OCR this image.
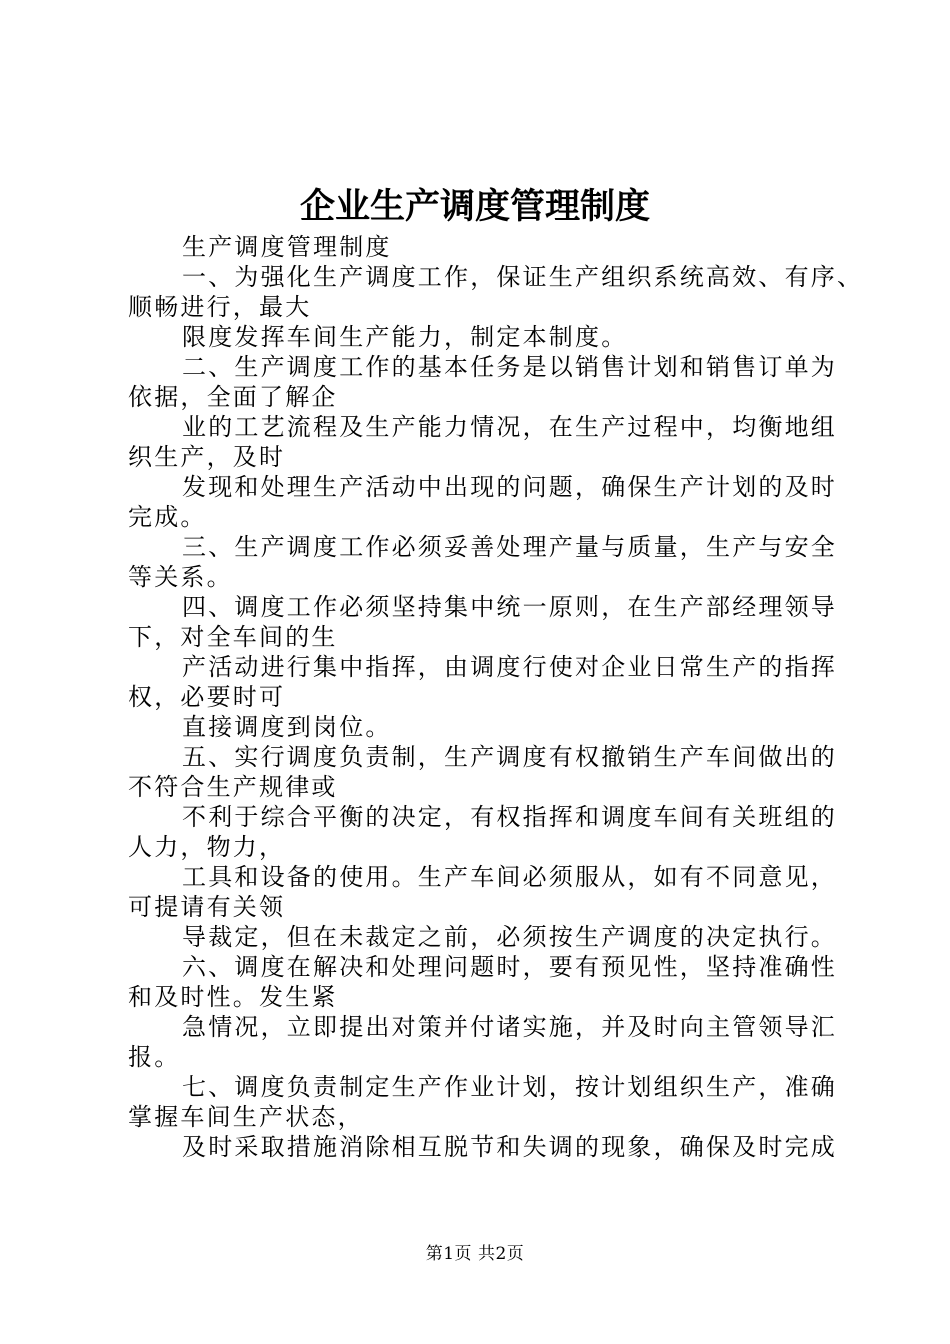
企业生产调度管理制度
生产调度管理制度
一、为强化生产调度工作，保证生产组织系统高效、有序、
顺畅进行，最大
限度发挥车间生产能力，制定本制度。
二、生产调度工作的基本任务是以销售计划和销售订单为
依据，全面了解企
业的工艺流程及生产能力情况，在生产过程中，均衡地组
织生产，及时
发现和处理生产活动中出现的问题，确保生产计划的及时
完成。
三、生产调度工作必须妥善处理产量与质量，生产与安全
等关系。
四、调度工作必须坚持集中统一原则，在生产部经理领导
下，对全车间的生
产活动进行集中指挥，由调度行使对企业日常生产的指挥
权，必要时可
直接调度到岗位。
五、实行调度负责制，生产调度有权撤销生产车间做出的
不符合生产规律或
不利于综合平衡的决定，有权指挥和调度车间有关班组的
人力，物力，
工具和设备的使用。生产车间必须服从，如有不同意见，
可提请有关领
导裁定，但在未裁定之前，必须按生产调度的决定执行。
六、调度在解决和处理问题时，要有预见性，坚持准确性
和及时性。发生紧
急情况，立即提出对策并付诸实施，并及时向主管领导汇
报。
七、调度负责制定生产作业计划，按计划组织生产，准确
掌握车间生产状态，
及时采取措施消除相互脱节和失调的现象，确保及时完成
第1页 共2页
